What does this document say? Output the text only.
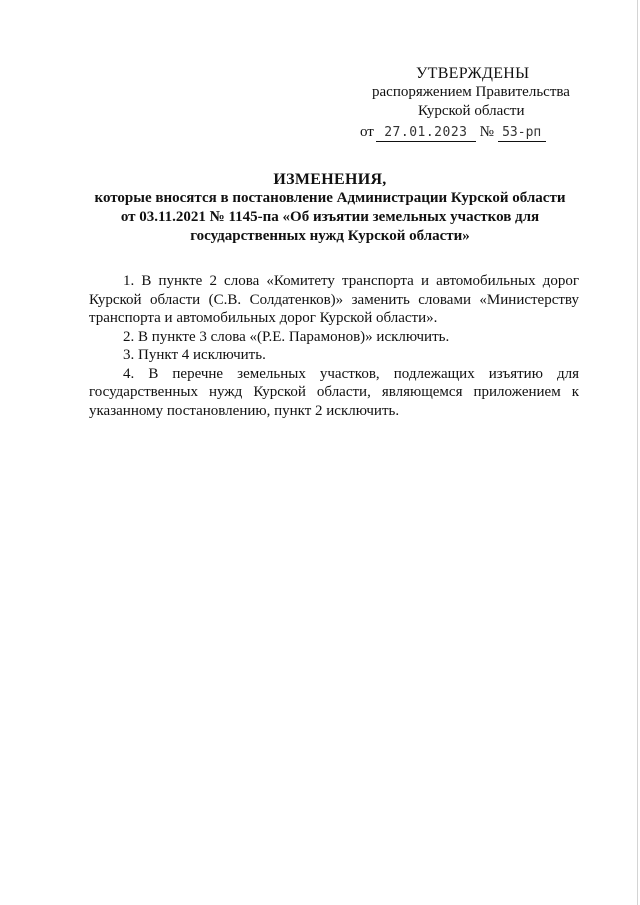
УТВЕРЖДЕНЫ
распоряжением Правительства
Курской области
от 27.01.2023 № 53-рп
ИЗМЕНЕНИЯ,
которые вносятся в постановление Администрации Курской области
от 03.11.2021 № 1145-па «Об изъятии земельных участков для
государственных нужд Курской области»

1. В пункте 2 слова «Комитету транспорта и автомобильных дорог Курской области (С.В. Солдатенков)» заменить словами «Министерству транспорта и автомобильных дорог Курской области».

2. В пункте 3 слова «(Р.Е. Парамонов)» исключить.

3. Пункт 4 исключить.

4. В перечне земельных участков, подлежащих изъятию для государственных нужд Курской области, являющемся приложением к указанному постановлению, пункт 2 исключить.
